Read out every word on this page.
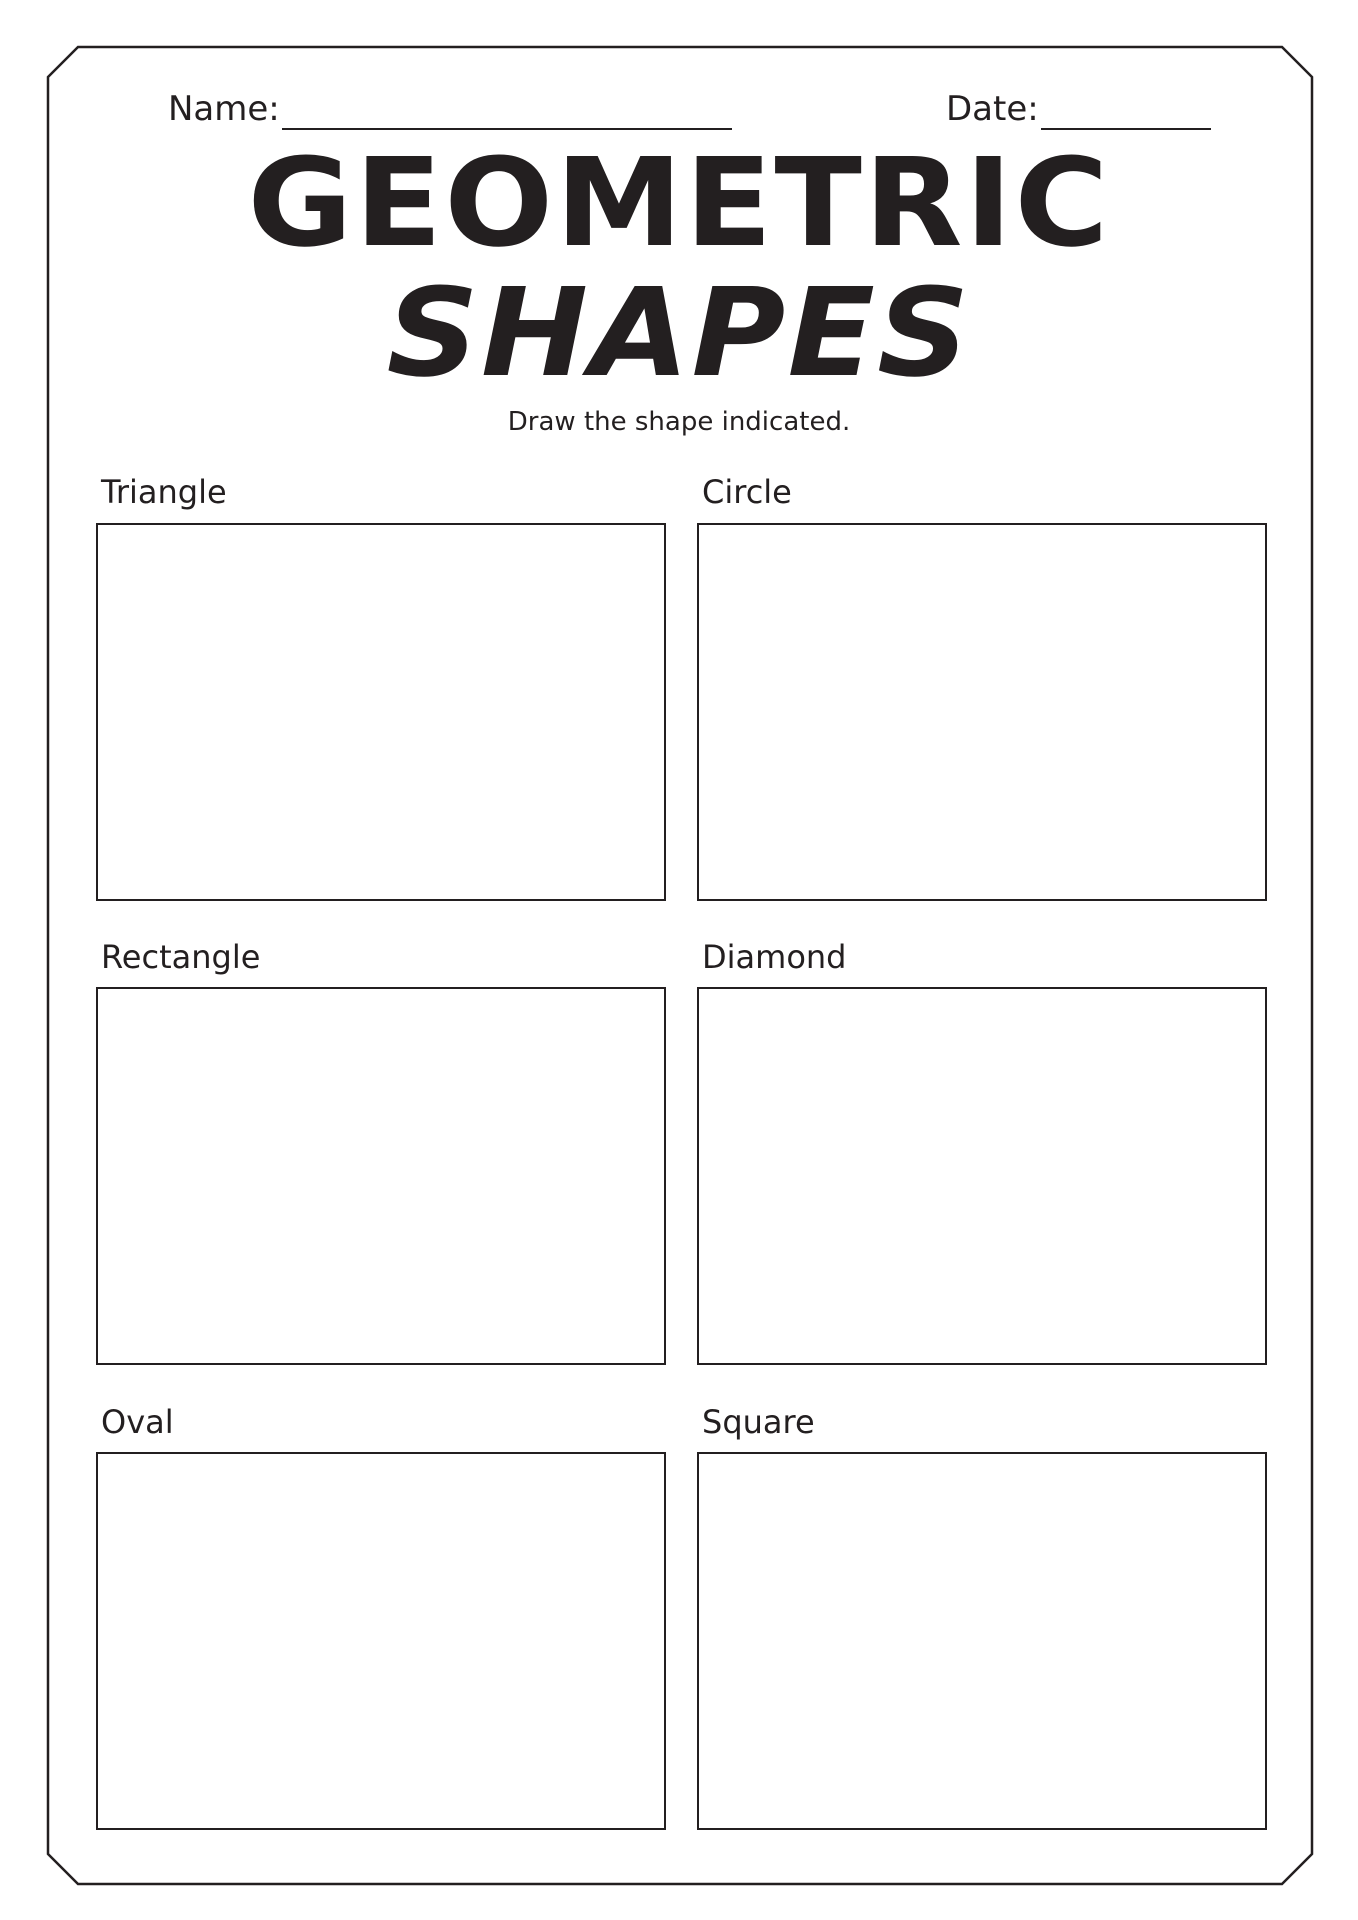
Name:	Date:
GEOMETRIC
SHAPES
Draw the shape indicated.
Triangle	Circle
Rectangle	Diamond
Oval	Square
